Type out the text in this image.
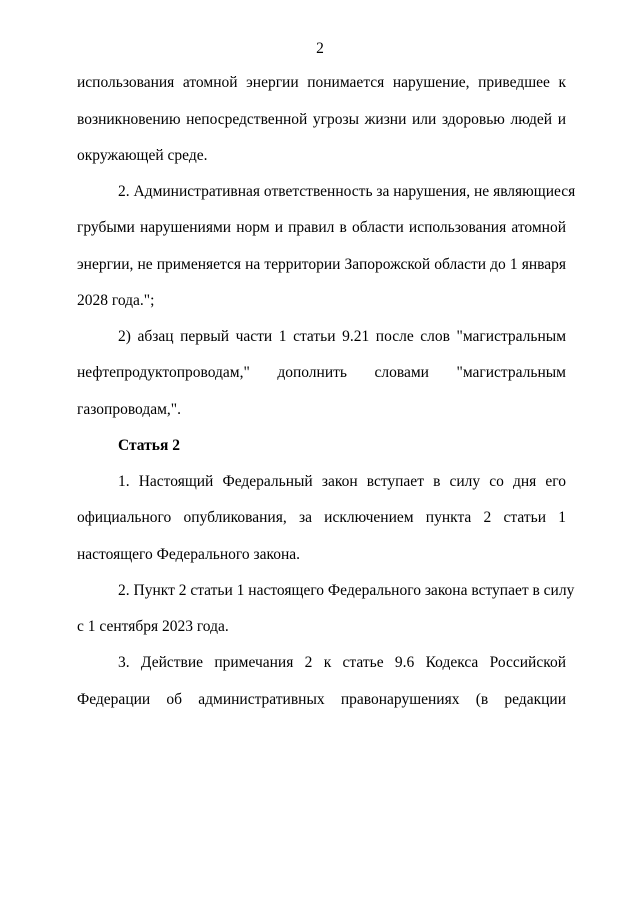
2
использования атомной энергии понимается нарушение, приведшее к
возникновению непосредственной угрозы жизни или здоровью людей и
окружающей среде.
2. Административная ответственность за нарушения, не являющиеся
грубыми нарушениями норм и правил в области использования атомной
энергии, не применяется на территории Запорожской области до 1 января
2028 года.";
2) абзац первый части 1 статьи 9.21 после слов "магистральным
нефтепродуктопроводам," дополнить словами "магистральным
газопроводам,".
Статья 2
1. Настоящий Федеральный закон вступает в силу со дня его
официального опубликования, за исключением пункта 2 статьи 1
настоящего Федерального закона.
2. Пункт 2 статьи 1 настоящего Федерального закона вступает в силу
с 1 сентября 2023 года.
3. Действие примечания 2 к статье 9.6 Кодекса Российской
Федерации об административных правонарушениях (в редакции
